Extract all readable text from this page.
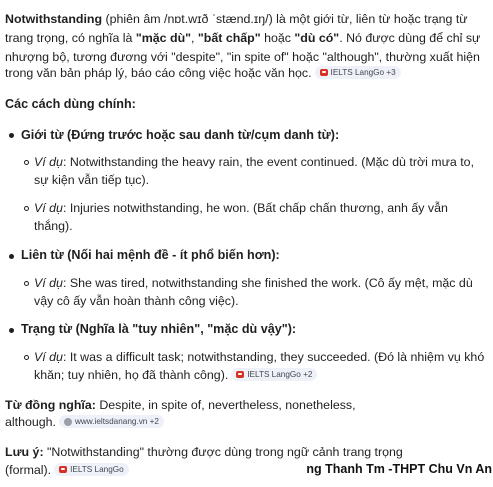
Notwithstanding (phiên âm /nɒt.wɪð ˈstænd.ɪŋ/) là một giới từ, liên từ hoặc trạng từ
trang trọng, có nghĩa là "mặc dù", "bất chấp" hoặc "dù có". Nó được dùng để chỉ sự
nhượng bộ, tương đương với "despite", "in spite of" hoặc "although", thường xuất hiện
trong văn bản pháp lý, báo cáo công việc hoặc văn học. IELTS LangGo +3
Các cách dùng chính:
Giới từ (Đứng trước hoặc sau danh từ/cụm danh từ):
Ví dụ: Notwithstanding the heavy rain, the event continued. (Mặc dù trời mưa to,
sự kiện vẫn tiếp tục).
Ví dụ: Injuries notwithstanding, he won. (Bất chấp chấn thương, anh ấy vẫn
thắng).
Liên từ (Nối hai mệnh đề - ít phổ biến hơn):
Ví dụ: She was tired, notwithstanding she finished the work. (Cô ấy mệt, mặc dù
vậy cô ấy vẫn hoàn thành công việc).
Trạng từ (Nghĩa là "tuy nhiên", "mặc dù vậy"):
Ví dụ: It was a difficult task; notwithstanding, they succeeded. (Đó là nhiệm vụ khó
khăn; tuy nhiên, họ đã thành công). IELTS LangGo +2
Từ đồng nghĩa: Despite, in spite of, nevertheless, nonetheless,
although. www.ieltsdanang.vn +2
Lưu ý: "Notwithstanding" thường được dùng trong ngữ cảnh trang trọng
(formal). IELTS LangGo	ng Thanh Tm -THPT Chu Vn An
